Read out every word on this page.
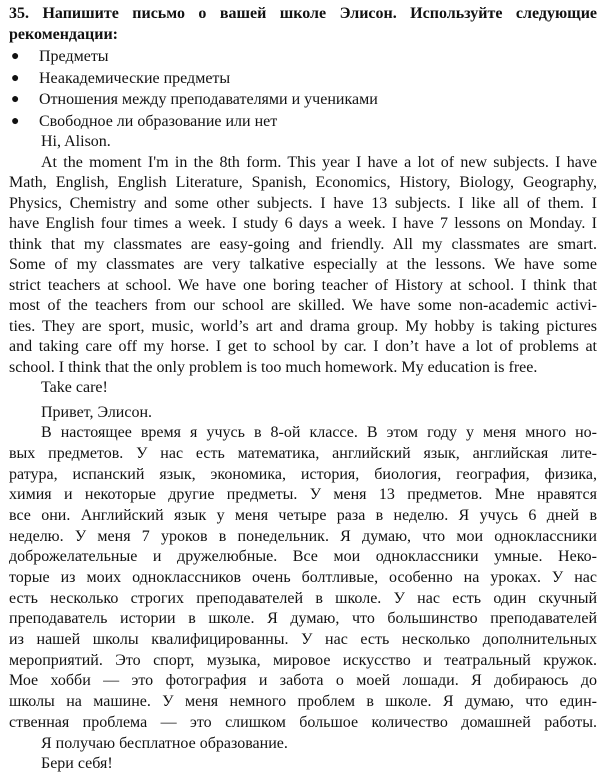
35. Напишите письмо о вашей школе Элисон. Используйте следующие
рекомендации:
● Предметы
● Неакадемические предметы
● Отношения между преподавателями и учениками
● Свободное ли образование или нет
Hi, Alison.
At the moment I'm in the 8th form. This year I have a lot of new subjects. I have
Math, English, English Literature, Spanish, Economics, History, Biology, Geography,
Physics, Chemistry and some other subjects. I have 13 subjects. I like all of them. I
have English four times a week. I study 6 days a week. I have 7 lessons on Monday. I
think that my classmates are easy-going and friendly. All my classmates are smart.
Some of my classmates are very talkative especially at the lessons. We have some
strict teachers at school. We have one boring teacher of History at school. I think that
most of the teachers from our school are skilled. We have some non-academic activi-
ties. They are sport, music, world’s art and drama group. My hobby is taking pictures
and taking care off my horse. I get to school by car. I don’t have a lot of problems at
school. I think that the only problem is too much homework. My education is free.
Take care!
Привет, Элисон.
В настоящее время я учусь в 8-ой классе. В этом году у меня много но-
вых предметов. У нас есть математика, английский язык, английская лите-
ратура, испанский язык, экономика, история, биология, география, физика,
химия и некоторые другие предметы. У меня 13 предметов. Мне нравятся
все они. Английский язык у меня четыре раза в неделю. Я учусь 6 дней в
неделю. У меня 7 уроков в понедельник. Я думаю, что мои одноклассники
доброжелательные и дружелюбные. Все мои одноклассники умные. Неко-
торые из моих одноклассников очень болтливые, особенно на уроках. У нас
есть несколько строгих преподавателей в школе. У нас есть один скучный
преподаватель истории в школе. Я думаю, что большинство преподавателей
из нашей школы квалифицированны. У нас есть несколько дополнительных
мероприятий. Это спорт, музыка, мировое искусство и театральный кружок.
Мое хобби — это фотография и забота о моей лошади. Я добираюсь до
школы на машине. У меня немного проблем в школе. Я думаю, что един-
ственная проблема — это слишком большое количество домашней работы.
Я получаю бесплатное образование.
Бери себя!
